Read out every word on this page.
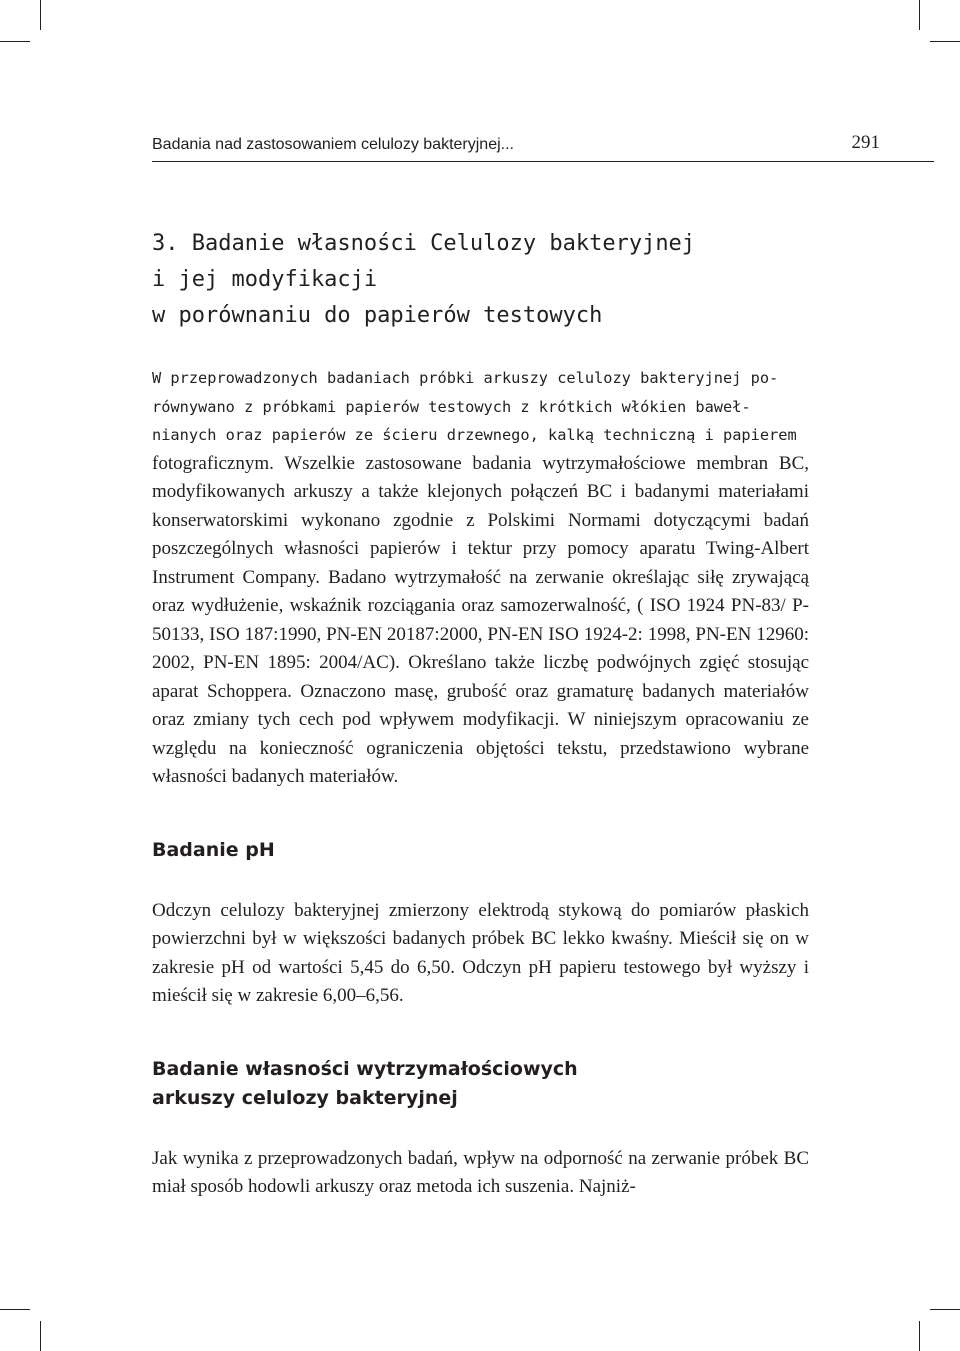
Badania nad zastosowaniem celulozy bakteryjnej...	291
3. Badanie własności Celulozy bakteryjnej
i jej modyfikacji
w porównaniu do papierów testowych
W przeprowadzonych badaniach próbki arkuszy celulozy bakteryjnej po-
równywano z próbkami papierów testowych z krótkich włókien baweł-
nianych oraz papierów ze ścieru drzewnego, kalką techniczną i papierem

fotograficznym. Wszelkie zastosowane badania wytrzymałościowe membran BC, modyfikowanych arkuszy a także klejonych połączeń BC i badanymi materiałami konserwatorskimi wykonano zgodnie z Polskimi Normami dotyczącymi badań poszczególnych własności papierów i tektur przy pomocy aparatu Twing-Albert Instrument Company. Badano wytrzymałość na zerwanie określając siłę zrywającą oraz wydłużenie, wskaźnik rozciągania oraz samozerwalność, ( ISO 1924 PN-83/ P-50133, ISO 187:1990, PN-EN 20187:2000, PN-EN ISO 1924-2: 1998, PN-EN 12960: 2002, PN-EN 1895: 2004/AC). Określano także liczbę podwójnych zgięć stosując aparat Schoppera. Oznaczono masę, grubość oraz gramaturę badanych materiałów oraz zmiany tych cech pod wpływem modyfikacji. W niniejszym opracowaniu ze względu na konieczność ograniczenia objętości tekstu, przedstawiono wybrane własności badanych materiałów.

Badanie pH

Odczyn celulozy bakteryjnej zmierzony elektrodą stykową do pomiarów płaskich powierzchni był w większości badanych próbek BC lekko kwaśny. Mieścił się on w zakresie pH od wartości 5,45 do 6,50. Odczyn pH papieru testowego był wyższy i mieścił się w zakresie 6,00–6,56.

Badanie własności wytrzymałościowych
arkuszy celulozy bakteryjnej

Jak wynika z przeprowadzonych badań, wpływ na odporność na zerwanie próbek BC miał sposób hodowli arkuszy oraz metoda ich suszenia. Najniż-
